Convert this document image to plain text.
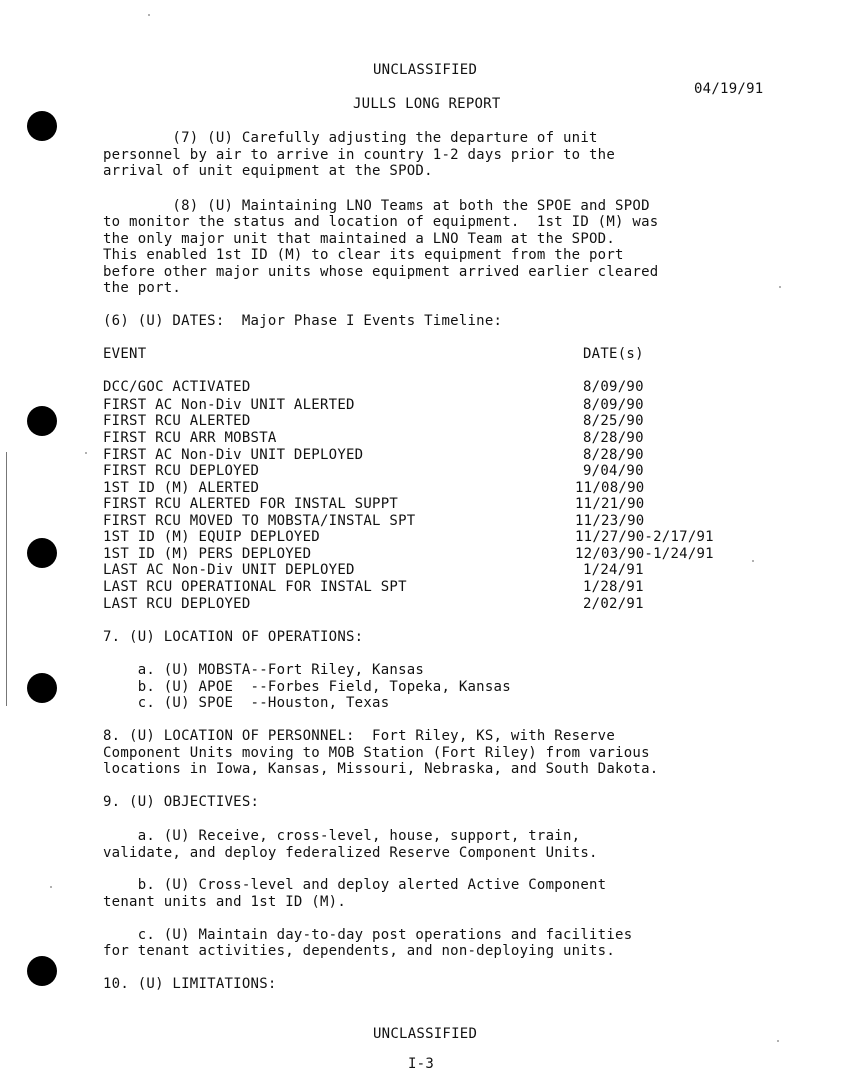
UNCLASSIFIED

04/19/91

JULLS LONG REPORT

(7) (U) Carefully adjusting the departure of unit

personnel by air to arrive in country 1-2 days prior to the

arrival of unit equipment at the SPOD.

(8) (U) Maintaining LNO Teams at both the SPOE and SPOD

to monitor the status and location of equipment.  1st ID (M) was

the only major unit that maintained a LNO Team at the SPOD.

This enabled 1st ID (M) to clear its equipment from the port

before other major units whose equipment arrived earlier cleared

the port.

(6) (U) DATES:  Major Phase I Events Timeline:

EVENT	DATE(s)

DCC/GOC ACTIVATED	8/09/90

FIRST AC Non-Div UNIT ALERTED	8/09/90

FIRST RCU ALERTED	8/25/90

FIRST RCU ARR MOBSTA	8/28/90

FIRST AC Non-Div UNIT DEPLOYED	8/28/90

FIRST RCU DEPLOYED	9/04/90

1ST ID (M) ALERTED	11/08/90

FIRST RCU ALERTED FOR INSTAL SUPPT	11/21/90

FIRST RCU MOVED TO MOBSTA/INSTAL SPT	11/23/90

1ST ID (M) EQUIP DEPLOYED	11/27/90-2/17/91

1ST ID (M) PERS DEPLOYED	12/03/90-1/24/91

LAST AC Non-Div UNIT DEPLOYED	1/24/91

LAST RCU OPERATIONAL FOR INSTAL SPT	1/28/91

LAST RCU DEPLOYED	2/02/91

7. (U) LOCATION OF OPERATIONS:

a. (U) MOBSTA--Fort Riley, Kansas

b. (U) APOE  --Forbes Field, Topeka, Kansas

c. (U) SPOE  --Houston, Texas

8. (U) LOCATION OF PERSONNEL:  Fort Riley, KS, with Reserve

Component Units moving to MOB Station (Fort Riley) from various

locations in Iowa, Kansas, Missouri, Nebraska, and South Dakota.

9. (U) OBJECTIVES:

a. (U) Receive, cross-level, house, support, train,

validate, and deploy federalized Reserve Component Units.

b. (U) Cross-level and deploy alerted Active Component

tenant units and 1st ID (M).

c. (U) Maintain day-to-day post operations and facilities

for tenant activities, dependents, and non-deploying units.

10. (U) LIMITATIONS:

UNCLASSIFIED

I-3
